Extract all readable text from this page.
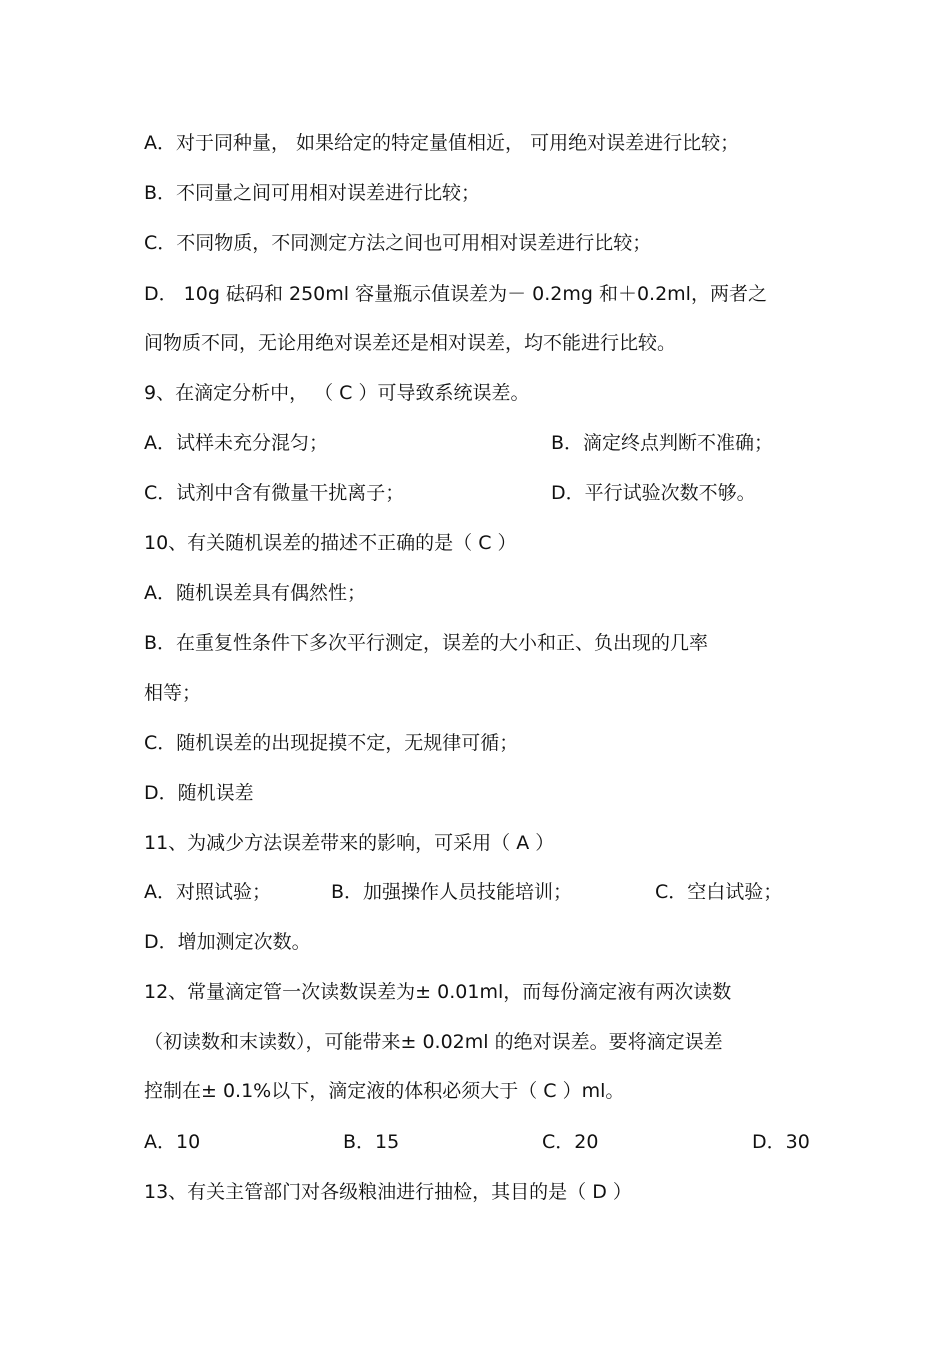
A．对于同种量， 如果给定的特定量值相近， 可用绝对误差进行比较；
B．不同量之间可用相对误差进行比较；
C．不同物质，不同测定方法之间也可用相对误差进行比较；
D． 10g 砝码和 250ml 容量瓶示值误差为－ 0.2mg 和＋0.2ml，两者之
间物质不同，无论用绝对误差还是相对误差，均不能进行比较。
9、在滴定分析中， （ C ）可导致系统误差。
A．试样未充分混匀；	B．滴定终点判断不准确；
C．试剂中含有微量干扰离子；	D．平行试验次数不够。
10、有关随机误差的描述不正确的是（ C ）
A．随机误差具有偶然性；
B．在重复性条件下多次平行测定，误差的大小和正、负出现的几率
相等；
C．随机误差的出现捉摸不定，无规律可循；
D．随机误差
11、为减少方法误差带来的影响，可采用（ A ）
A．对照试验；	B．加强操作人员技能培训；	C．空白试验；
D．增加测定次数。
12、常量滴定管一次读数误差为± 0.01ml，而每份滴定液有两次读数
（初读数和末读数），可能带来± 0.02ml 的绝对误差。要将滴定误差
控制在± 0.1%以下，滴定液的体积必须大于（ C ）ml。
A．10	B．15	C．20	D．30
13、有关主管部门对各级粮油进行抽检，其目的是（ D ）
